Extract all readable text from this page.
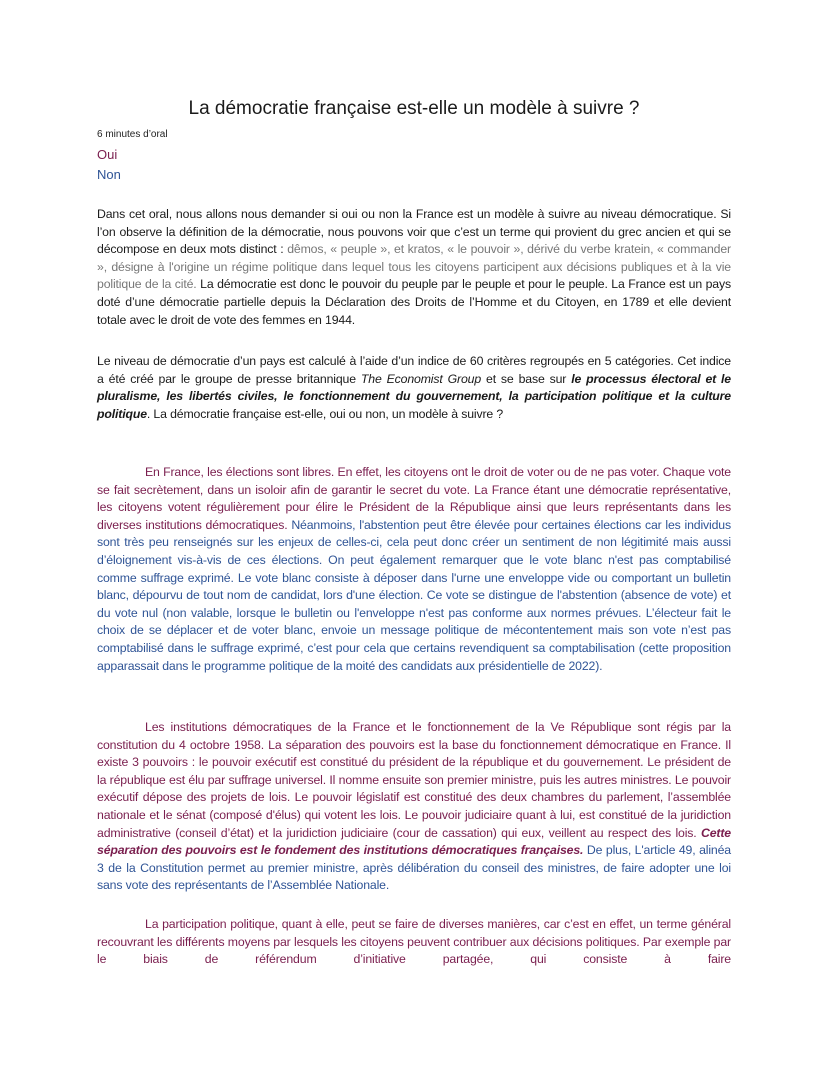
La démocratie française est-elle un modèle à suivre ?
6 minutes d’oral
Oui
Non

Dans cet oral, nous allons nous demander si oui ou non la France est un modèle à suivre au niveau démocratique. Si l’on observe la définition de la démocratie, nous pouvons voir que c’est un terme qui provient du grec ancien et qui se décompose en deux mots distinct : dêmos, « peuple », et kratos, « le pouvoir », dérivé du verbe kratein, « commander », désigne à l'origine un régime politique dans lequel tous les citoyens participent aux décisions publiques et à la vie politique de la cité. La démocratie est donc le pouvoir du peuple par le peuple et pour le peuple. La France est un pays doté d’une démocratie partielle depuis la Déclaration des Droits de l’Homme et du Citoyen, en 1789 et elle devient totale avec le droit de vote des femmes en 1944.

Le niveau de démocratie d’un pays est calculé à l’aide d’un indice de 60 critères regroupés en 5 catégories. Cet indice a été créé par le groupe de presse britannique The Economist Group et se base sur le processus électoral et le pluralisme, les libertés civiles, le fonctionnement du gouvernement, la participation politique et la culture politique. La démocratie française est-elle, oui ou non, un modèle à suivre ?

En France, les élections sont libres. En effet, les citoyens ont le droit de voter ou de ne pas voter. Chaque vote se fait secrètement, dans un isoloir afin de garantir le secret du vote. La France étant une démocratie représentative, les citoyens votent régulièrement pour élire le Président de la République ainsi que leurs représentants dans les diverses institutions démocratiques. Néanmoins, l'abstention peut être élevée pour certaines élections car les individus sont très peu renseignés sur les enjeux de celles-ci, cela peut donc créer un sentiment de non légitimité mais aussi d’éloignement vis-à-vis de ces élections. On peut également remarquer que le vote blanc n'est pas comptabilisé comme suffrage exprimé. Le vote blanc consiste à déposer dans l'urne une enveloppe vide ou comportant un bulletin blanc, dépourvu de tout nom de candidat, lors d'une élection. Ce vote se distingue de l'abstention (absence de vote) et du vote nul (non valable, lorsque le bulletin ou l'enveloppe n'est pas conforme aux normes prévues. L’électeur fait le choix de se déplacer et de voter blanc, envoie un message politique de mécontentement mais son vote n’est pas comptabilisé dans le suffrage exprimé, c’est pour cela que certains revendiquent sa comptabilisation (cette proposition apparassait dans le programme politique de la moité des candidats aux présidentielle de 2022).

Les institutions démocratiques de la France et le fonctionnement de la Ve République sont régis par la constitution du 4 octobre 1958. La séparation des pouvoirs est la base du fonctionnement démocratique en France. Il existe 3 pouvoirs : le pouvoir exécutif est constitué du président de la république et du gouvernement. Le président de la république est élu par suffrage universel. Il nomme ensuite son premier ministre, puis les autres ministres. Le pouvoir exécutif dépose des projets de lois. Le pouvoir législatif est constitué des deux chambres du parlement, l’assemblée nationale et le sénat (composé d'élus) qui votent les lois. Le pouvoir judiciaire quant à lui, est constitué de la juridiction administrative (conseil d’état) et la juridiction judiciaire (cour de cassation) qui eux, veillent au respect des lois. Cette séparation des pouvoirs est le fondement des institutions démocratiques françaises. De plus, L'article 49, alinéa 3 de la Constitution permet au premier ministre, après délibération du conseil des ministres, de faire adopter une loi sans vote des représentants de l’Assemblée Nationale.

La participation politique, quant à elle, peut se faire de diverses manières, car c’est en effet, un terme général recouvrant les différents moyens par lesquels les citoyens peuvent contribuer aux décisions politiques. Par exemple par le biais de référendum d’initiative partagée, qui consiste à faire
